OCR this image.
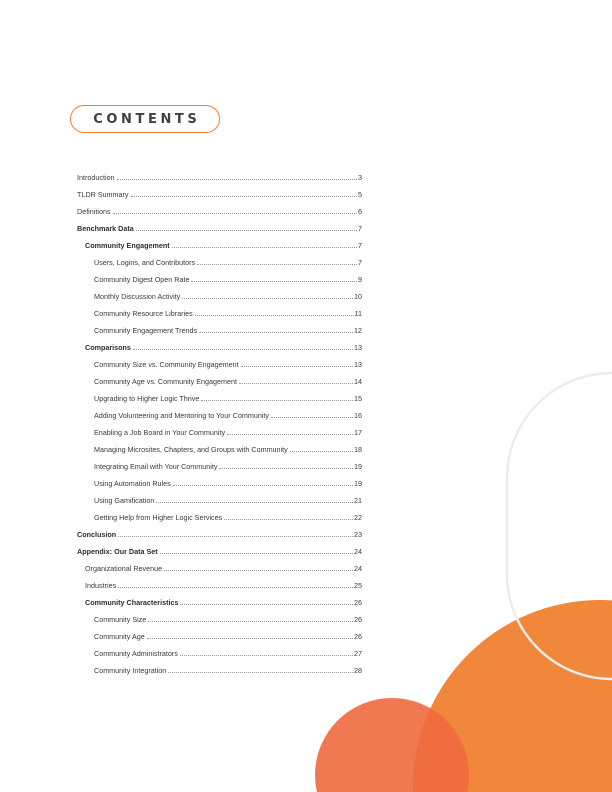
CONTENTS
Introduction	3
TLDR Summary	5
Definitions	6
Benchmark Data	7
Community Engagement	7
Users, Logins, and Contributors	7
Community Digest Open Rate	9
Monthly Discussion Activity	10
Community Resource Libraries	11
Community Engagement Trends	12
Comparisons	13
Community Size vs. Community Engagement	13
Community Age vs. Community Engagement	14
Upgrading to Higher Logic Thrive	15
Adding Volunteering and Mentoring to Your Community	16
Enabling a Job Board in Your Community	17
Managing Microsites, Chapters, and Groups with Community	18
Integrating Email with Your Community	19
Using Automation Rules	19
Using Gamification	21
Getting Help from Higher Logic Services	22
Conclusion	23
Appendix: Our Data Set	24
Organizational Revenue	24
Industries	25
Community Characteristics	26
Community Size	26
Community Age	26
Community Administrators	27
Community Integration	28
